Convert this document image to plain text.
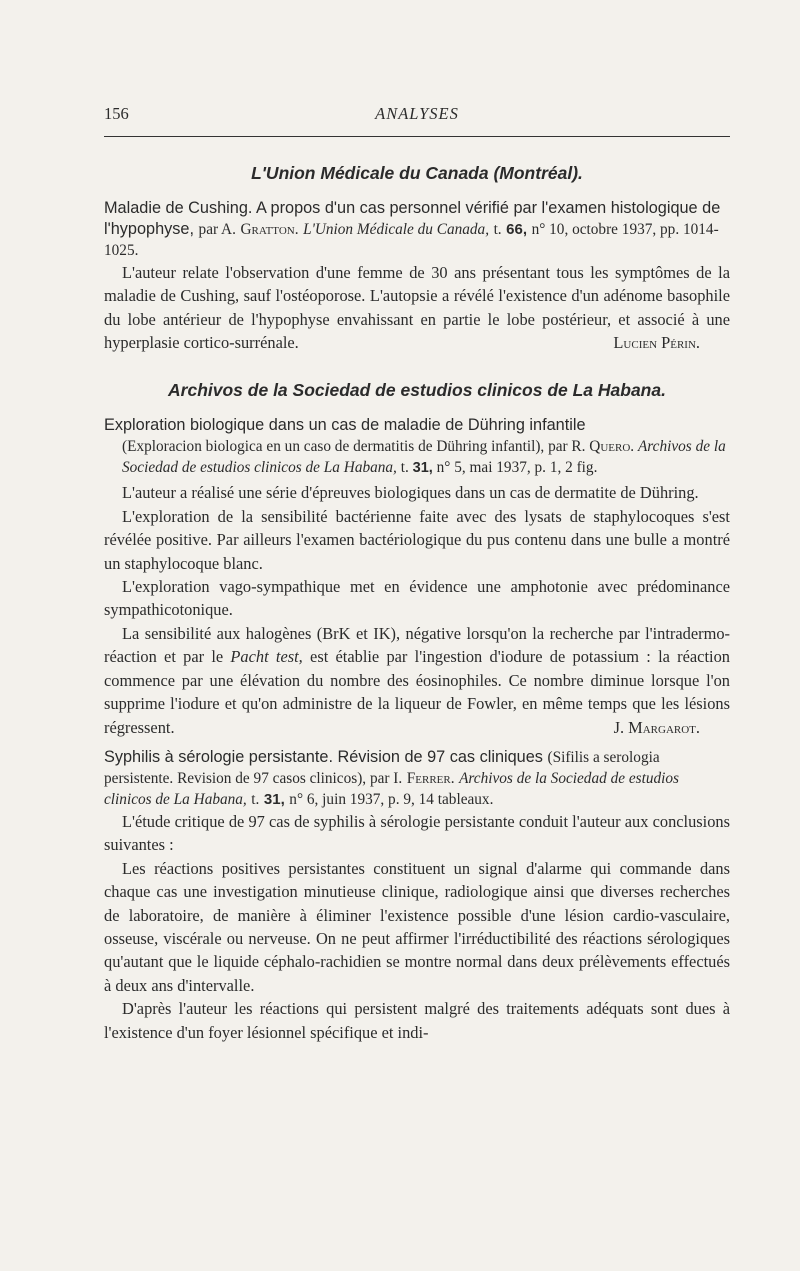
156	ANALYSES
L'Union Médicale du Canada (Montréal).

Maladie de Cushing. A propos d'un cas personnel vérifié par l'examen histologique de l'hypophyse, par A. Gratton. L'Union Médicale du Canada, t. 66, n° 10, octobre 1937, pp. 1014-1025.

L'auteur relate l'observation d'une femme de 30 ans présentant tous les symptômes de la maladie de Cushing, sauf l'ostéoporose. L'autopsie a révélé l'existence d'un adénome basophile du lobe antérieur de l'hypophyse envahissant en partie le lobe postérieur, et associé à une hyperplasie cortico-surrénale.	Lucien Périn.

Archivos de la Sociedad de estudios clinicos de La Habana.

Exploration biologique dans un cas de maladie de Dühring infantile

(Exploracion biologica en un caso de dermatitis de Dühring infantil), par R. Quero. Archivos de la Sociedad de estudios clinicos de La Habana, t. 31, n° 5, mai 1937, p. 1, 2 fig.

L'auteur a réalisé une série d'épreuves biologiques dans un cas de dermatite de Dühring.

L'exploration de la sensibilité bactérienne faite avec des lysats de staphylocoques s'est révélée positive. Par ailleurs l'examen bactériologique du pus contenu dans une bulle a montré un staphylocoque blanc.

L'exploration vago-sympathique met en évidence une amphotonie avec prédominance sympathicotonique.

La sensibilité aux halogènes (BrK et IK), négative lorsqu'on la recherche par l'intradermo-réaction et par le Pacht test, est établie par l'ingestion d'iodure de potassium : la réaction commence par une élévation du nombre des éosinophiles. Ce nombre diminue lorsque l'on supprime l'iodure et qu'on administre de la liqueur de Fowler, en même temps que les lésions régressent.	J. Margarot.

Syphilis à sérologie persistante. Révision de 97 cas cliniques (Sifilis a serologia persistente. Revision de 97 casos clinicos), par I. Ferrer. Archivos de la Sociedad de estudios clinicos de La Habana, t. 31, n° 6, juin 1937, p. 9, 14 tableaux.

L'étude critique de 97 cas de syphilis à sérologie persistante conduit l'auteur aux conclusions suivantes :

Les réactions positives persistantes constituent un signal d'alarme qui commande dans chaque cas une investigation minutieuse clinique, radiologique ainsi que diverses recherches de laboratoire, de manière à éliminer l'existence possible d'une lésion cardio-vasculaire, osseuse, viscérale ou nerveuse. On ne peut affirmer l'irréductibilité des réactions sérologiques qu'autant que le liquide céphalo-rachidien se montre normal dans deux prélèvements effectués à deux ans d'intervalle.

D'après l'auteur les réactions qui persistent malgré des traitements adéquats sont dues à l'existence d'un foyer lésionnel spécifique et indi-
